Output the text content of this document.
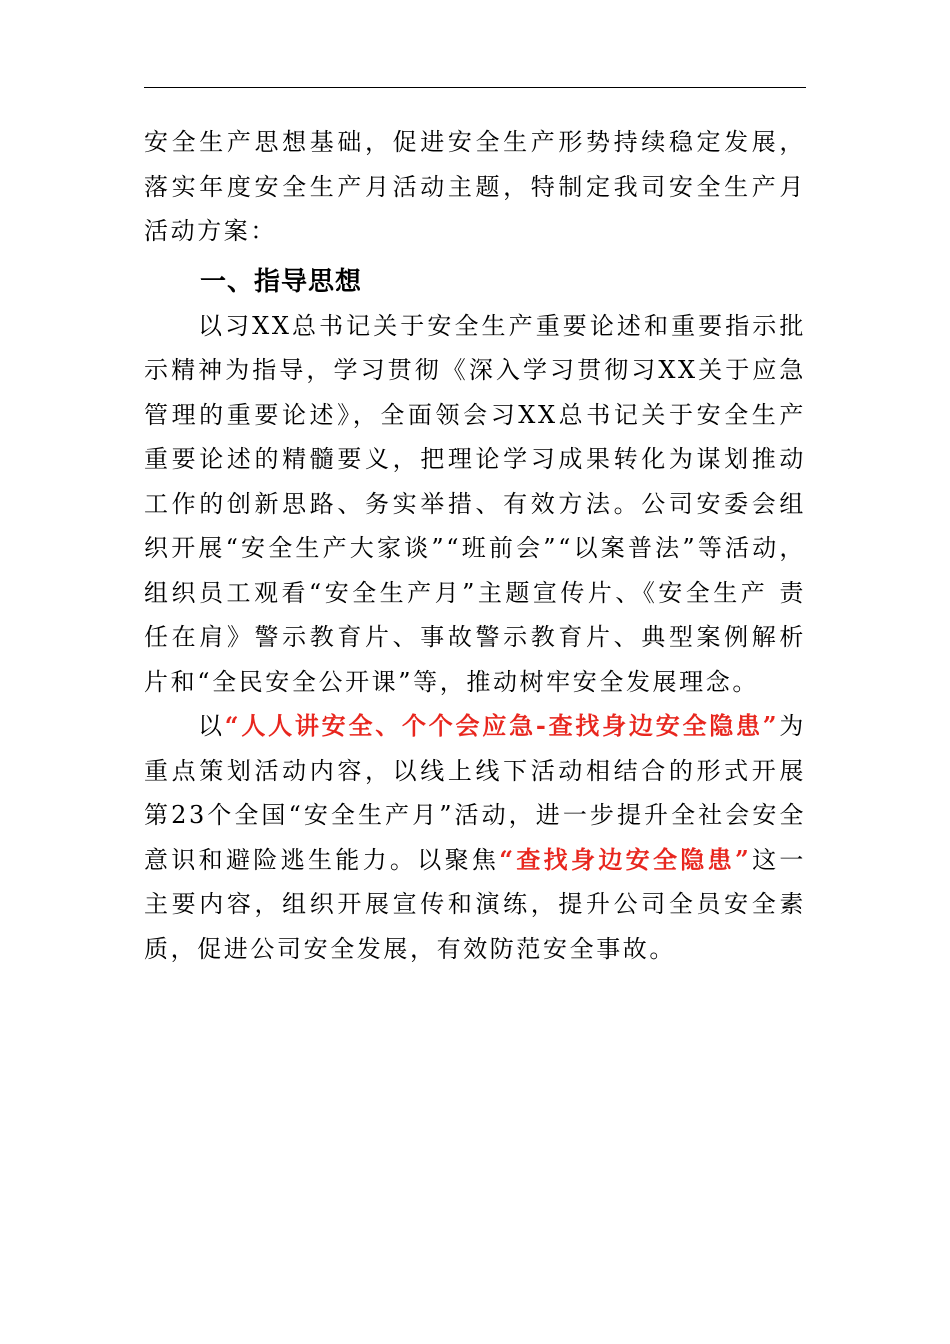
安全生产思想基础，促进安全生产形势持续稳定发展，落实年度安全生产月活动主题，特制定我司安全生产月活动方案：

一、指导思想

以习XX总书记关于安全生产重要论述和重要指示批示精神为指导，学习贯彻《深入学习贯彻习XX关于应急管理的重要论述》，全面领会习XX总书记关于安全生产重要论述的精髓要义，把理论学习成果转化为谋划推动工作的创新思路、务实举措、有效方法。公司安委会组织开展“安全生产大家谈”“班前会”“以案普法”等活动，组织员工观看“安全生产月”主题宣传片、《安全生产 责任在肩》警示教育片、事故警示教育片、典型案例解析片和“全民安全公开课”等，推动树牢安全发展理念。

以“人人讲安全、个个会应急-查找身边安全隐患”为重点策划活动内容，以线上线下活动相结合的形式开展第23个全国“安全生产月”活动，进一步提升全社会安全意识和避险逃生能力。以聚焦“查找身边安全隐患”这一主要内容，组织开展宣传和演练，提升公司全员安全素质，促进公司安全发展，有效防范安全事故。
